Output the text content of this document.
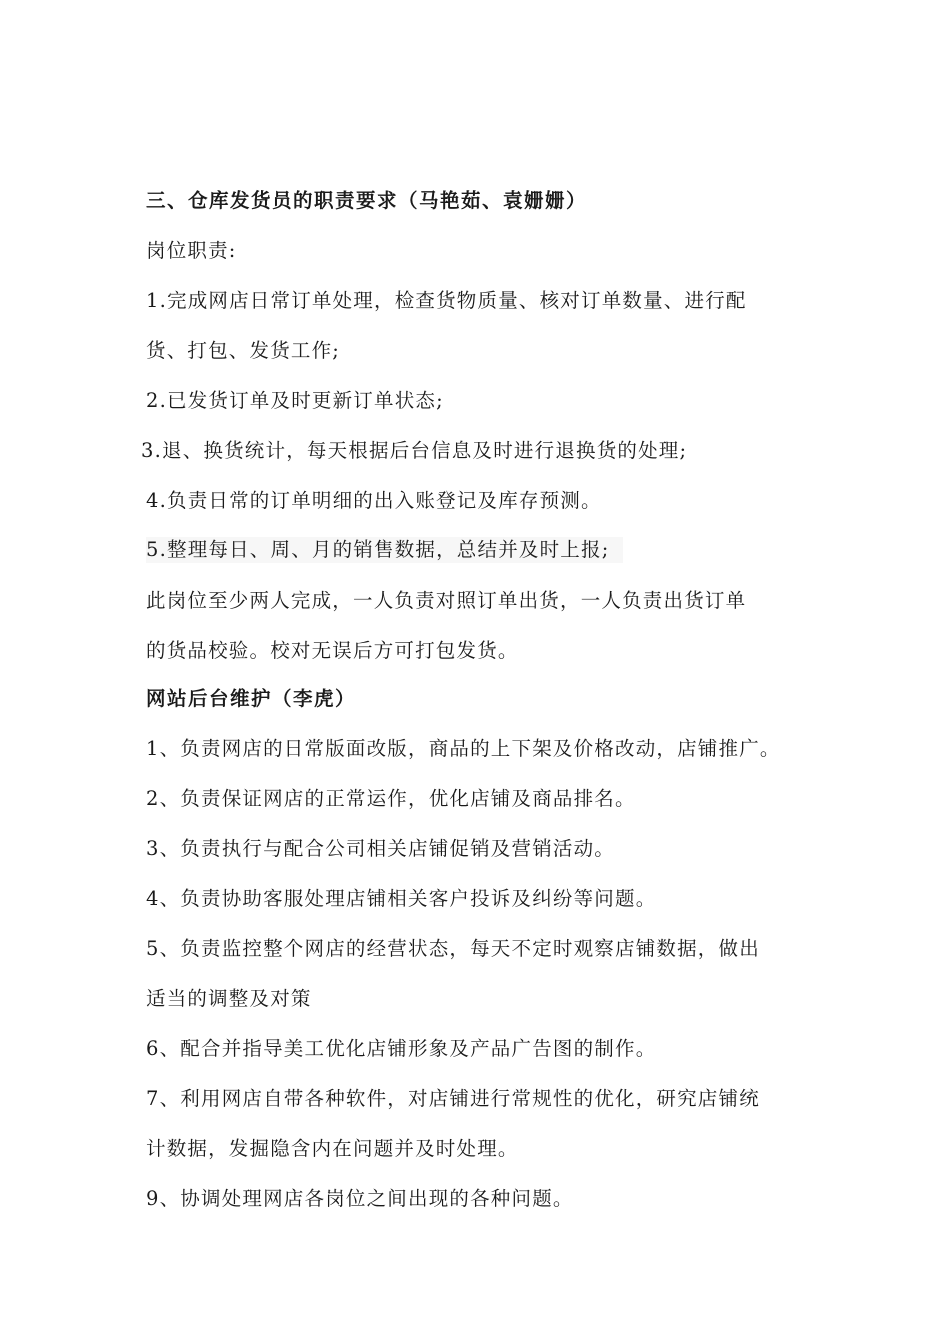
三、仓库发货员的职责要求（马艳茹、袁姗姗）
岗位职责:
1.完成网店日常订单处理，检查货物质量、核对订单数量、进行配
货、打包、发货工作;
2.已发货订单及时更新订单状态;
3.退、换货统计，每天根据后台信息及时进行退换货的处理;
4.负责日常的订单明细的出入账登记及库存预测。
5.整理每日、周、月的销售数据，总结并及时上报;
此岗位至少两人完成，一人负责对照订单出货，一人负责出货订单
的货品校验。校对无误后方可打包发货。
网站后台维护（李虎）
1、负责网店的日常版面改版，商品的上下架及价格改动，店铺推广。
2、负责保证网店的正常运作，优化店铺及商品排名。
3、负责执行与配合公司相关店铺促销及营销活动。
4、负责协助客服处理店铺相关客户投诉及纠纷等问题。
5、负责监控整个网店的经营状态，每天不定时观察店铺数据，做出
适当的调整及对策
6、配合并指导美工优化店铺形象及产品广告图的制作。
7、利用网店自带各种软件，对店铺进行常规性的优化，研究店铺统
计数据，发掘隐含内在问题并及时处理。
9、协调处理网店各岗位之间出现的各种问题。
